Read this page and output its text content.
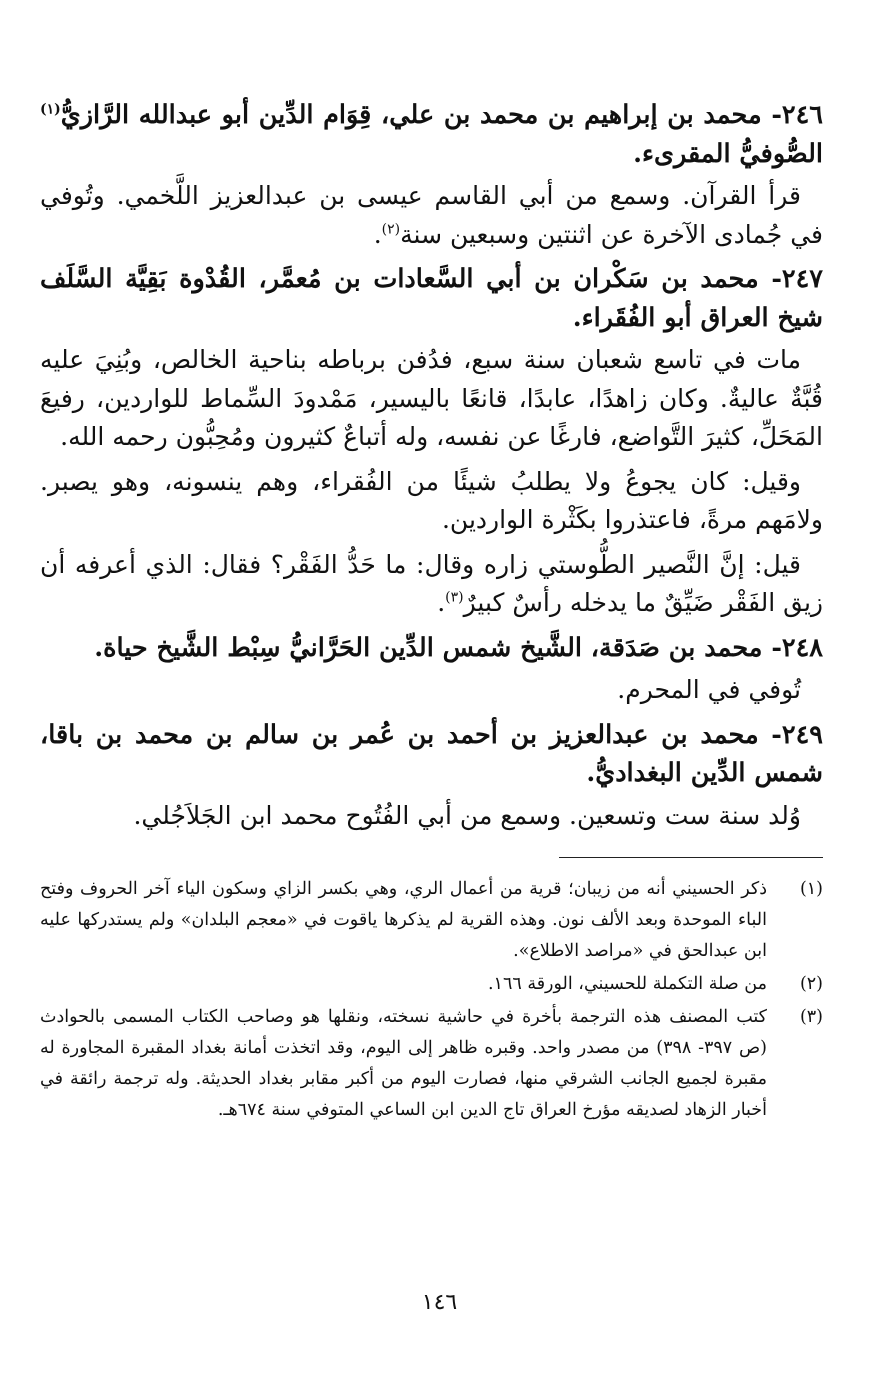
٢٤٦- محمد بن إبراهيم بن محمد بن علي، قِوَام الدِّين أبو عبدالله الرَّازيُّ$^{(١)}$ الصُّوفيُّ المقرىء.

قرأ القرآن. وسمع من أبي القاسم عيسى بن عبدالعزيز اللَّخمي. وتُوفي في جُمادى الآخرة عن اثنتين وسبعين سنة$^{(٢)}$.

٢٤٧- محمد بن سَكْران بن أبي السَّعادات بن مُعمَّر، القُدْوة بَقِيَّة السَّلَف شيخ العراق أبو الفُقَراء.

مات في تاسع شعبان سنة سبع، فدُفن برباطه بناحية الخالص، وبُنِيَ عليه قُبَّةٌ عاليةٌ. وكان زاهدًا، عابدًا، قانعًا باليسير، مَمْدودَ السِّماط للواردين، رفيعَ المَحَلِّ، كثيرَ التَّواضع، فارغًا عن نفسه، وله أتباعٌ كثيرون ومُحِبُّون رحمه الله.

وقيل: كان يجوعُ ولا يطلبُ شيئًا من الفُقراء، وهم ينسونه، وهو يصبر. ولامَهم مرةً، فاعتذروا بكَثْرة الواردين.

قيل: إنَّ النَّصير الطُّوستي زاره وقال: ما حَدُّ الفَقْر؟ فقال: الذي أعرفه أن زيق الفَقْر ضَيِّقٌ ما يدخله رأسٌ كبيرٌ$^{(٣)}$.

٢٤٨- محمد بن صَدَقة، الشَّيخ شمس الدِّين الحَرَّانيُّ سِبْط الشَّيخ حياة.

تُوفي في المحرم.

٢٤٩- محمد بن عبدالعزيز بن أحمد بن عُمر بن سالم بن محمد بن باقا، شمس الدِّين البغداديُّ.

وُلد سنة ست وتسعين. وسمع من أبي الفُتُوح محمد ابن الجَلاَجُلي.

(١)
ذكر الحسيني أنه من زيبان؛ قرية من أعمال الري، وهي بكسر الزاي وسكون الياء آخر الحروف وفتح الباء الموحدة وبعد الألف نون. وهذه القرية لم يذكرها ياقوت في «معجم البلدان» ولم يستدركها عليه ابن عبدالحق في «مراصد الاطلاع».
(٢)
من صلة التكملة للحسيني، الورقة ١٦٦.
(٣)
كتب المصنف هذه الترجمة بأخرة في حاشية نسخته، ونقلها هو وصاحب الكتاب المسمى بالحوادث (ص ٣٩٧- ٣٩٨) من مصدر واحد. وقبره ظاهر إلى اليوم، وقد اتخذت أمانة بغداد المقبرة المجاورة له مقبرة لجميع الجانب الشرقي منها، فصارت اليوم من أكبر مقابر بغداد الحديثة. وله ترجمة رائقة في أخبار الزهاد لصديقه مؤرخ العراق تاج الدين ابن الساعي المتوفي سنة ٦٧٤هـ.
١٤٦
